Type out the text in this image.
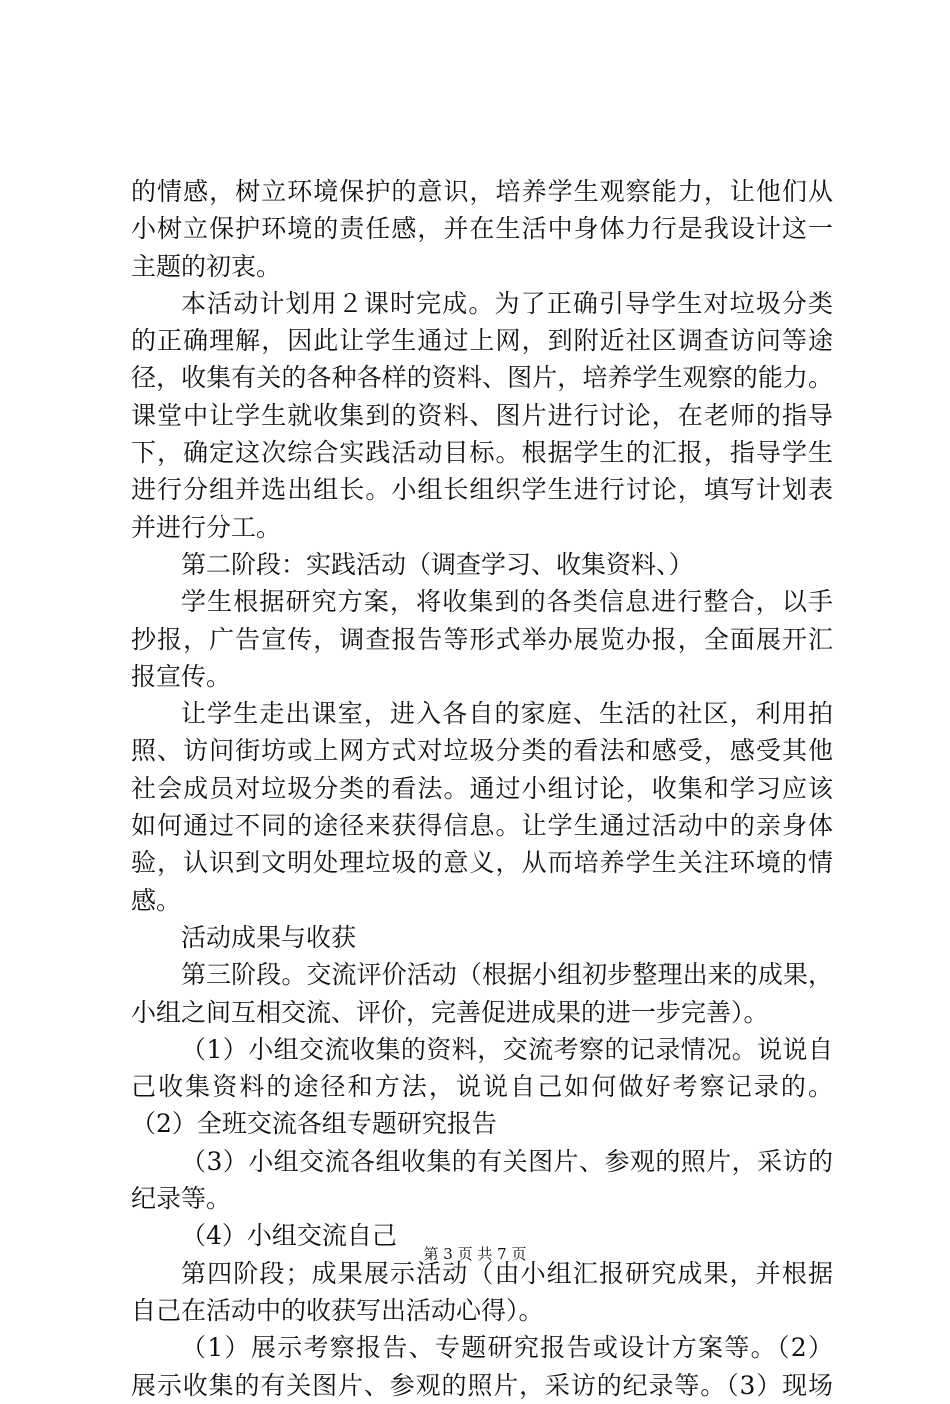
的情感，树立环境保护的意识，培养学生观察能力，让他们从
小树立保护环境的责任感，并在生活中身体力行是我设计这一
主题的初衷。
本活动计划用２课时完成。为了正确引导学生对垃圾分类
的正确理解，因此让学生通过上网，到附近社区调查访问等途
径，收集有关的各种各样的资料、图片，培养学生观察的能力。
课堂中让学生就收集到的资料、图片进行讨论，在老师的指导
下，确定这次综合实践活动目标。根据学生的汇报，指导学生
进行分组并选出组长。小组长组织学生进行讨论，填写计划表
并进行分工。
第二阶段：实践活动（调查学习、收集资料、）
学生根据研究方案，将收集到的各类信息进行整合，以手
抄报，广告宣传，调查报告等形式举办展览办报，全面展开汇
报宣传。
让学生走出课室，进入各自的家庭、生活的社区，利用拍
照、访问街坊或上网方式对垃圾分类的看法和感受，感受其他
社会成员对垃圾分类的看法。通过小组讨论，收集和学习应该
如何通过不同的途径来获得信息。让学生通过活动中的亲身体
验，认识到文明处理垃圾的意义，从而培养学生关注环境的情
感。
活动成果与收获
第三阶段。交流评价活动（根据小组初步整理出来的成果，
小组之间互相交流、评价，完善促进成果的进一步完善）。
（1）小组交流收集的资料，交流考察的记录情况。说说自
己收集资料的途径和方法，说说自己如何做好考察记录的。
（2）全班交流各组专题研究报告
（3）小组交流各组收集的有关图片、参观的照片，采访的
纪录等。
（4）小组交流自己
第四阶段；成果展示活动（由小组汇报研究成果，并根据
自己在活动中的收获写出活动心得）。
（1）展示考察报告、专题研究报告或设计方案等。（2）
展示收集的有关图片、参观的照片，采访的纪录等。（3）现场
第 3 页 共 7 页
